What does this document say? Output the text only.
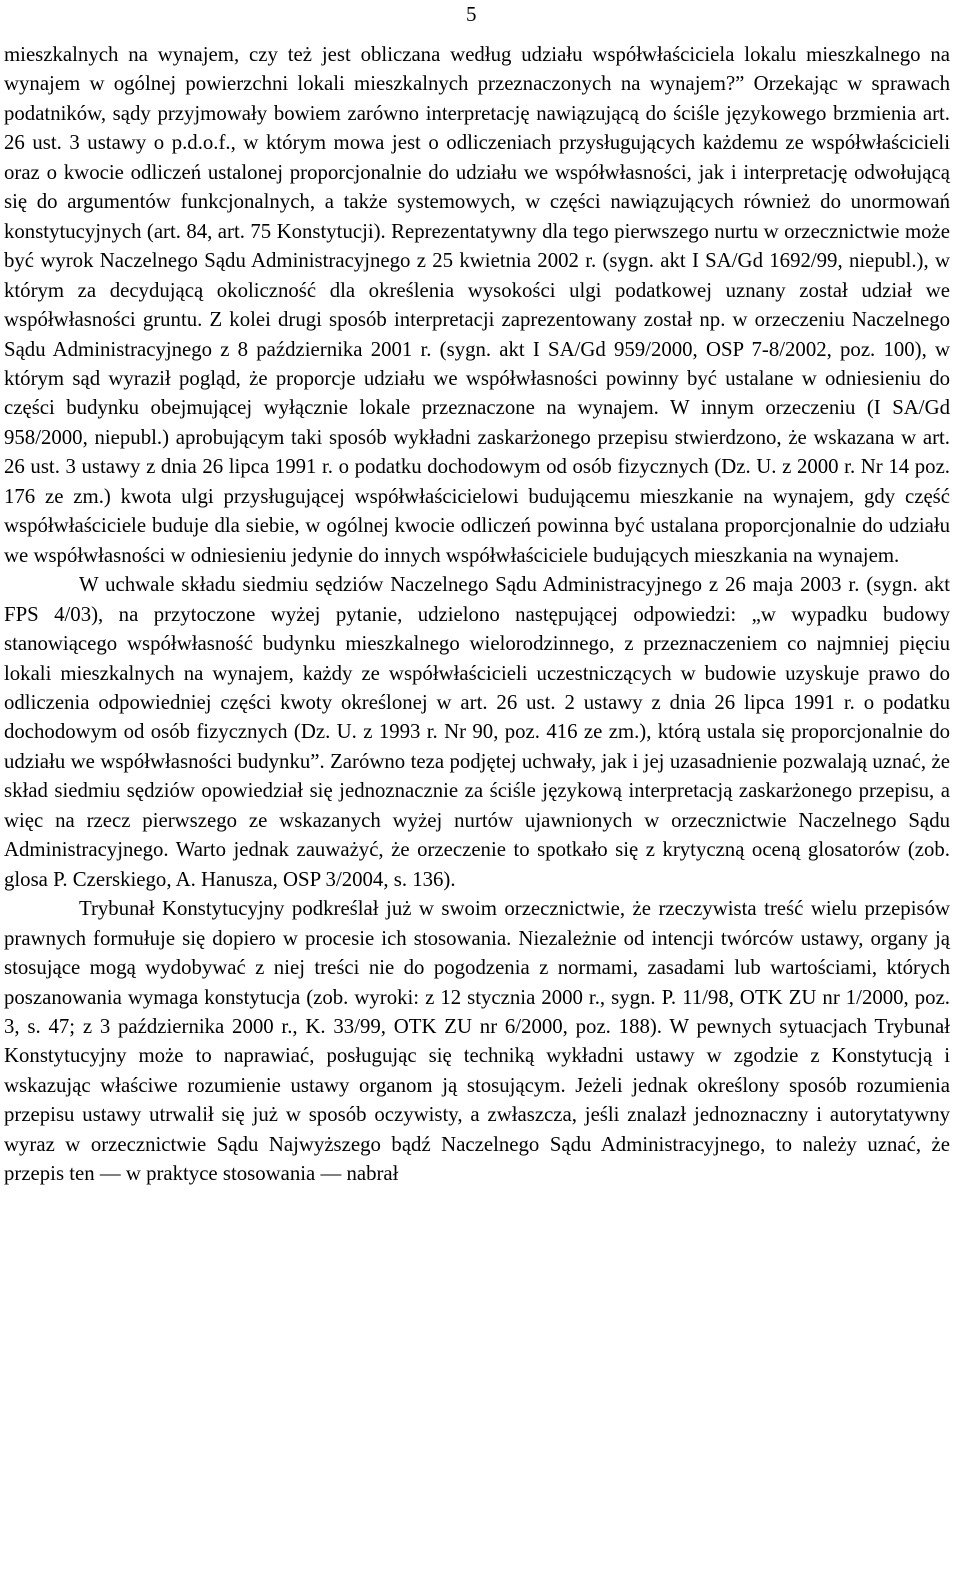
5

mieszkalnych na wynajem, czy też jest obliczana według udziału współwłaściciela lokalu mieszkalnego na wynajem w ogólnej powierzchni lokali mieszkalnych przeznaczonych na wynajem?” Orzekając w sprawach podatników, sądy przyjmowały bowiem zarówno interpretację nawiązującą do ściśle językowego brzmienia art. 26 ust. 3 ustawy o p.d.o.f., w którym mowa jest o odliczeniach przysługujących każdemu ze współwłaścicieli oraz o kwocie odliczeń ustalonej proporcjonalnie do udziału we współwłasności, jak i interpretację odwołującą się do argumentów funkcjonalnych, a także systemowych, w części nawiązujących również do unormowań konstytucyjnych (art. 84, art. 75 Konstytucji). Reprezentatywny dla tego pierwszego nurtu w orzecznictwie może być wyrok Naczelnego Sądu Administracyjnego z 25 kwietnia 2002 r. (sygn. akt I SA/Gd 1692/99, niepubl.), w którym za decydującą okoliczność dla określenia wysokości ulgi podatkowej uznany został udział we współwłasności gruntu. Z kolei drugi sposób interpretacji zaprezentowany został np. w orzeczeniu Naczelnego Sądu Administracyjnego z 8 października 2001 r. (sygn. akt I SA/Gd 959/2000, OSP 7-8/2002, poz. 100), w którym sąd wyraził pogląd, że proporcje udziału we współwłasności powinny być ustalane w odniesieniu do części budynku obejmującej wyłącznie lokale przeznaczone na wynajem. W innym orzeczeniu (I SA/Gd 958/2000, niepubl.) aprobującym taki sposób wykładni zaskarżonego przepisu stwierdzono, że wskazana w art. 26 ust. 3 ustawy z dnia 26 lipca 1991 r. o podatku dochodowym od osób fizycznych (Dz. U. z 2000 r. Nr 14 poz. 176 ze zm.) kwota ulgi przysługującej współwłaścicielowi budującemu mieszkanie na wynajem, gdy część współwłaściciele buduje dla siebie, w ogólnej kwocie odliczeń powinna być ustalana proporcjonalnie do udziału we współwłasności w odniesieniu jedynie do innych współwłaściciele budujących mieszkania na wynajem.

W uchwale składu siedmiu sędziów Naczelnego Sądu Administracyjnego z 26 maja 2003 r. (sygn. akt FPS 4/03), na przytoczone wyżej pytanie, udzielono następującej odpowiedzi: „w wypadku budowy stanowiącego współwłasność budynku mieszkalnego wielorodzinnego, z przeznaczeniem co najmniej pięciu lokali mieszkalnych na wynajem, każdy ze współwłaścicieli uczestniczących w budowie uzyskuje prawo do odliczenia odpowiedniej części kwoty określonej w art. 26 ust. 2 ustawy z dnia 26 lipca 1991 r. o podatku dochodowym od osób fizycznych (Dz. U. z 1993 r. Nr 90, poz. 416 ze zm.), którą ustala się proporcjonalnie do udziału we współwłasności budynku”. Zarówno teza podjętej uchwały, jak i jej uzasadnienie pozwalają uznać, że skład siedmiu sędziów opowiedział się jednoznacznie za ściśle językową interpretacją zaskarżonego przepisu, a więc na rzecz pierwszego ze wskazanych wyżej nurtów ujawnionych w orzecznictwie Naczelnego Sądu Administracyjnego. Warto jednak zauważyć, że orzeczenie to spotkało się z krytyczną oceną glosatorów (zob. glosa P. Czerskiego, A. Hanusza, OSP 3/2004, s. 136).

Trybunał Konstytucyjny podkreślał już w swoim orzecznictwie, że rzeczywista treść wielu przepisów prawnych formułuje się dopiero w procesie ich stosowania. Niezależnie od intencji twórców ustawy, organy ją stosujące mogą wydobywać z niej treści nie do pogodzenia z normami, zasadami lub wartościami, których poszanowania wymaga konstytucja (zob. wyroki: z 12 stycznia 2000 r., sygn. P. 11/98, OTK ZU nr 1/2000, poz. 3, s. 47; z 3 października 2000 r., K. 33/99, OTK ZU nr 6/2000, poz. 188). W pewnych sytuacjach Trybunał Konstytucyjny może to naprawiać, posługując się techniką wykładni ustawy w zgodzie z Konstytucją i wskazując właściwe rozumienie ustawy organom ją stosującym. Jeżeli jednak określony sposób rozumienia przepisu ustawy utrwalił się już w sposób oczywisty, a zwłaszcza, jeśli znalazł jednoznaczny i autorytatywny wyraz w orzecznictwie Sądu Najwyższego bądź Naczelnego Sądu Administracyjnego, to należy uznać, że przepis ten — w praktyce stosowania — nabrał
